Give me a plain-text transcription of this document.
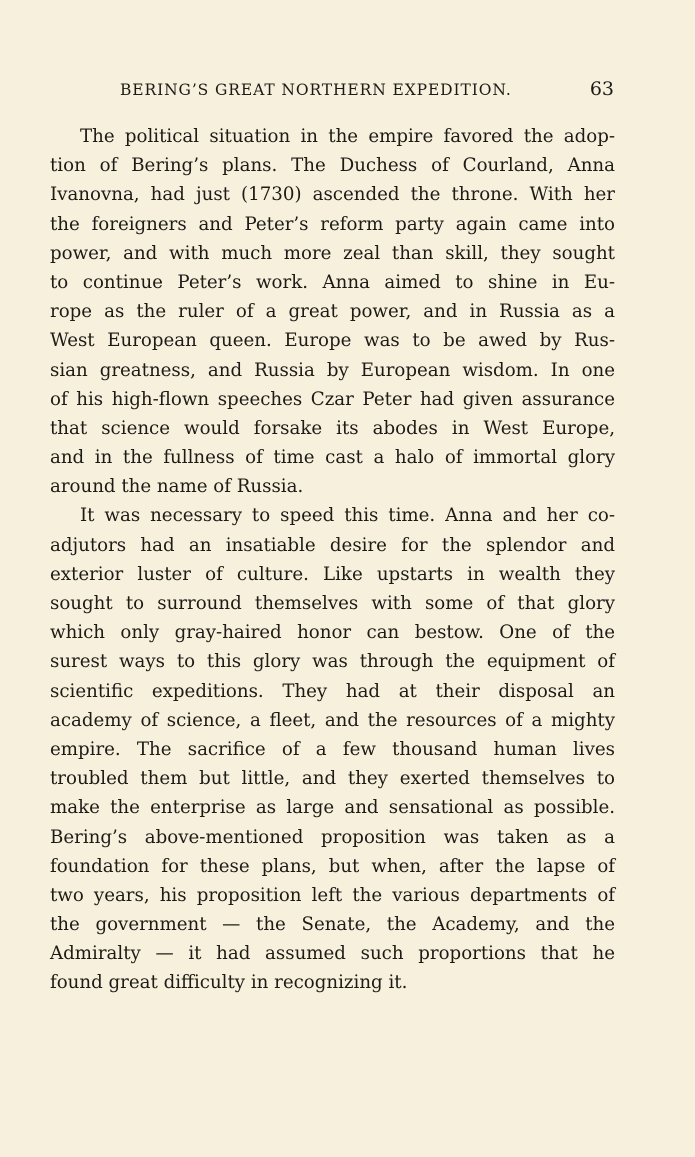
BERING’S GREAT NORTHERN EXPEDITION.	63

The political situation in the empire favored the adop-
tion of Bering’s plans. The Duchess of Courland, Anna
Ivanovna, had just (1730) ascended the throne. With her
the foreigners and Peter’s reform party again came into
power, and with much more zeal than skill, they sought
to continue Peter’s work. Anna aimed to shine in Eu-
rope as the ruler of a great power, and in Russia as a
West European queen. Europe was to be awed by Rus-
sian greatness, and Russia by European wisdom. In one
of his high-flown speeches Czar Peter had given assurance
that science would forsake its abodes in West Europe,
and in the fullness of time cast a halo of immortal glory
around the name of Russia.

It was necessary to speed this time. Anna and her co-
adjutors had an insatiable desire for the splendor and
exterior luster of culture. Like upstarts in wealth they
sought to surround themselves with some of that glory
which only gray-haired honor can bestow. One of the
surest ways to this glory was through the equipment of
scientific expeditions. They had at their disposal an
academy of science, a fleet, and the resources of a mighty
empire. The sacrifice of a few thousand human lives
troubled them but little, and they exerted themselves to
make the enterprise as large and sensational as possible.
Bering’s above-mentioned proposition was taken as a
foundation for these plans, but when, after the lapse of
two years, his proposition left the various departments of
the government — the Senate, the Academy, and the
Admiralty — it had assumed such proportions that he
found great difficulty in recognizing it.
